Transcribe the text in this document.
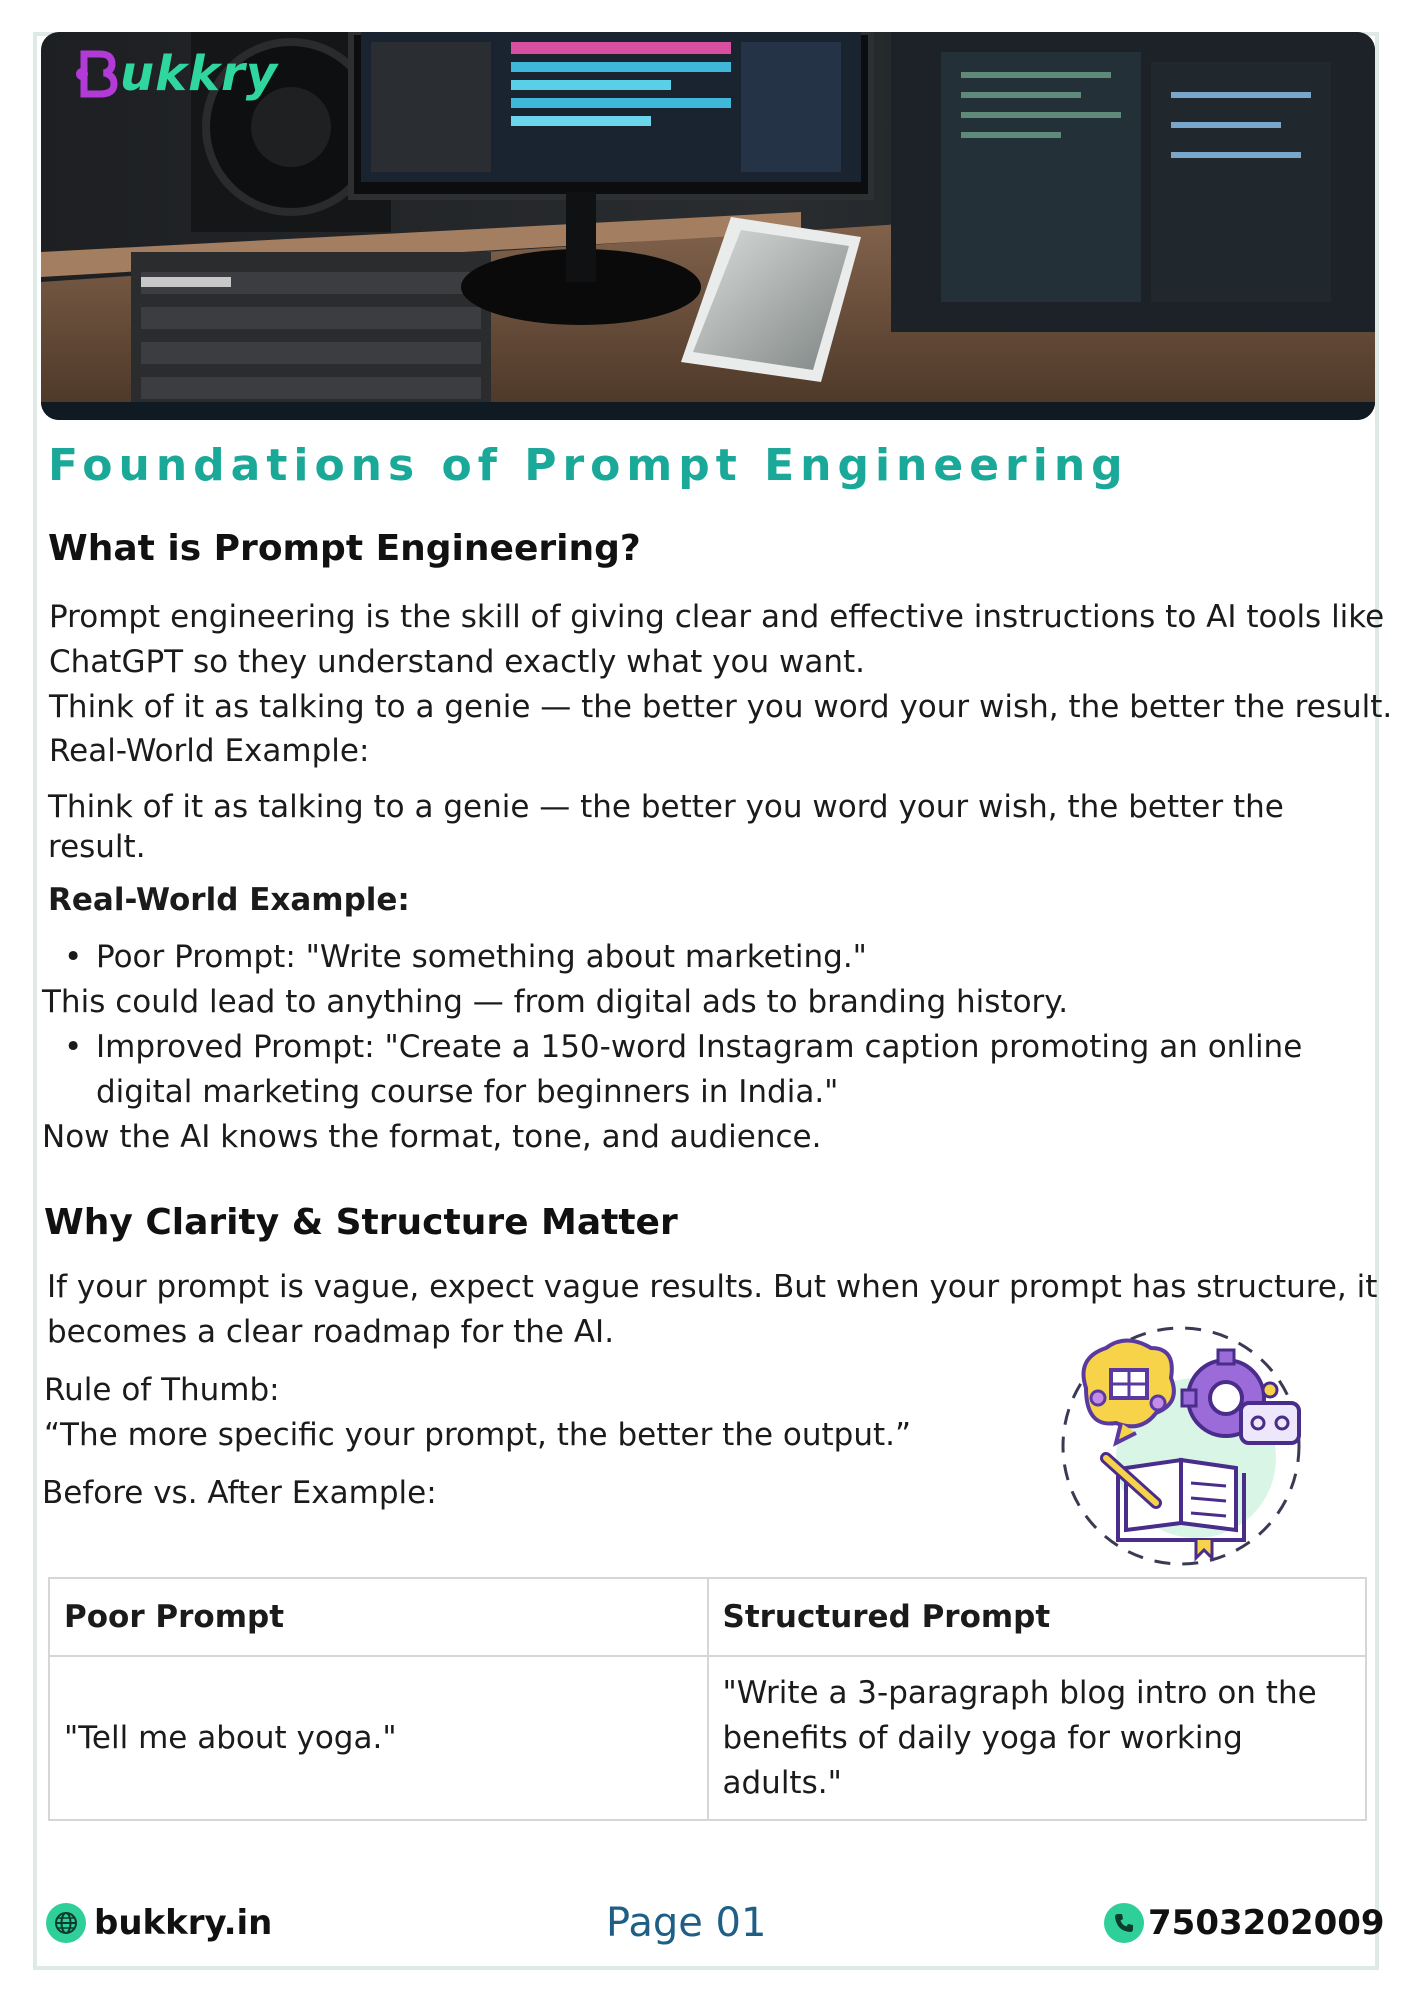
ukkry
Foundations of Prompt Engineering
What is Prompt Engineering?

Prompt engineering is the skill of giving clear and effective instructions to AI tools like

ChatGPT so they understand exactly what you want.

Think of it as talking to a genie — the better you word your wish, the better the result.

Real-World Example:

Think of it as talking to a genie — the better you word your wish, the better the

result.

Real-World Example:

• Poor Prompt: "Write something about marketing."

This could lead to anything — from digital ads to branding history.

• Improved Prompt: "Create a 150-word Instagram caption promoting an online

digital marketing course for beginners in India."

Now the AI knows the format, tone, and audience.

Why Clarity & Structure Matter

If your prompt is vague, expect vague results. But when your prompt has structure, it

becomes a clear roadmap for the AI.

Rule of Thumb:

“The more specific your prompt, the better the output.”

Before vs. After Example:

Poor Prompt	Structured Prompt
"Tell me about yoga."	"Write a 3-paragraph blog intro on the benefits of daily yoga for working adults."
bukkry.in	Page 01	7503202009
